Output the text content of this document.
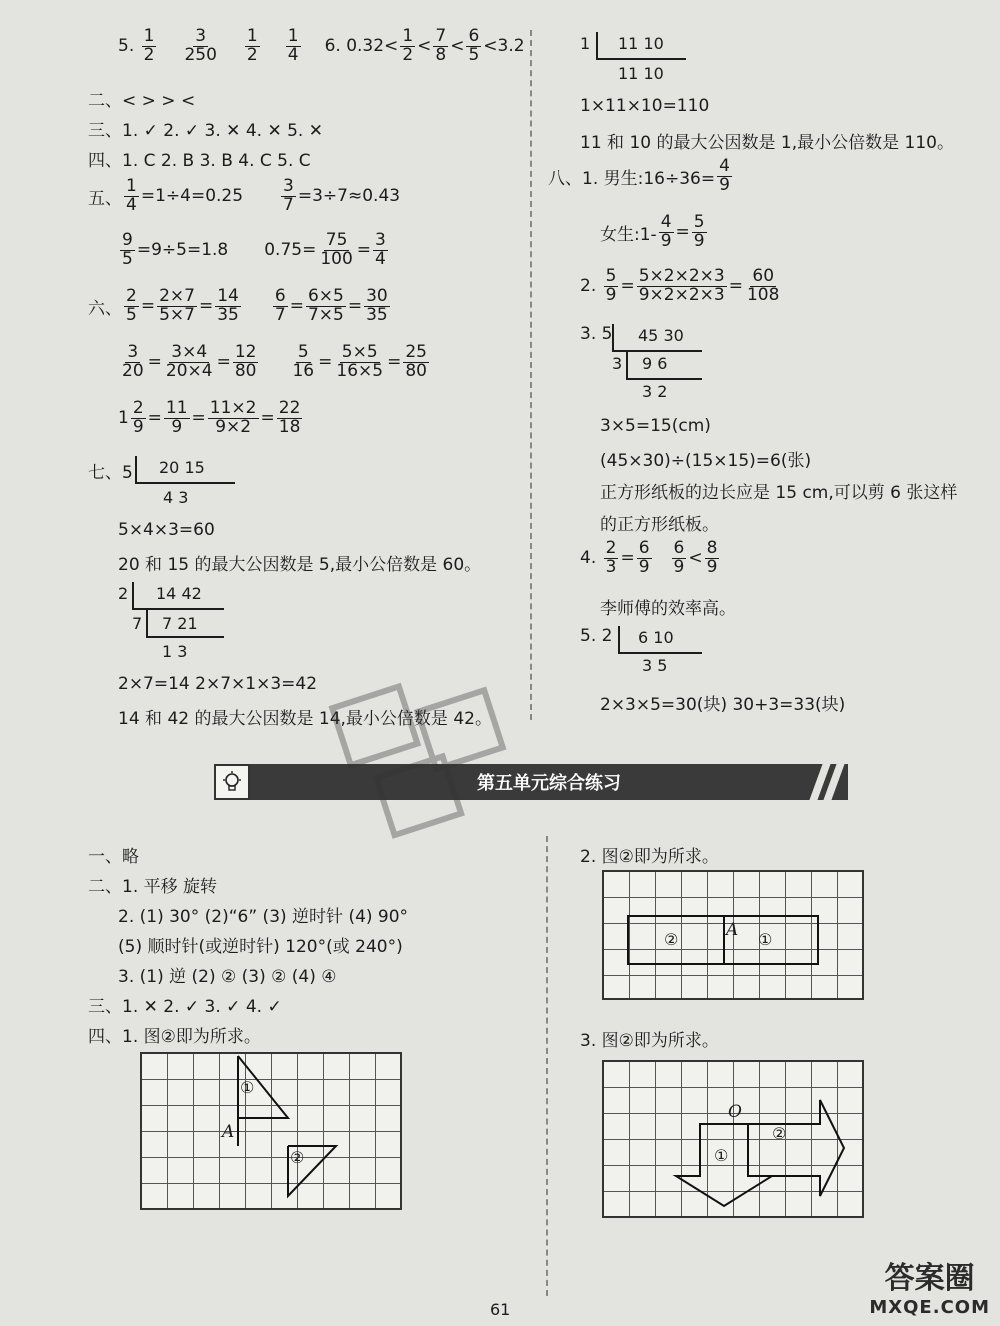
5.
$\frac{1}{2} \frac{3}{250} \frac{1}{2} \frac{1}{4} 6$. $0.32< \frac{1}{2} < \frac{7}{8} < \frac{6}{5} <3.2$
二、< > > <
三、1. ✓ 2. ✓ 3. ✕ 4. ✕ 5. ✕
四、1. C 2. B 3. B 4. C 5. C
五、 $\frac{1}{4} =1\div 4=0.25 \frac{3}{7} =3\div 7\approx 0.43$
$\frac{9}{5} =9\div 5=1.8$ $0.75= \frac{75}{100} = \frac{3}{4}$
六、 $\frac{2}{5} = \frac{2\times 7}{5\times 7} = \frac{14}{35} \frac{6}{7} = \frac{6\times 5}{7\times 5} = \frac{30}{35}$
$\frac{3}{20} = \frac{3\times 4}{20\times 4} = \frac{12}{80} \frac{5}{16} = \frac{5\times 5}{16\times 5} = \frac{25}{80}$
$1 \frac{2}{9} = \frac{11}{9} = \frac{11\times 2}{9\times 2} = \frac{22}{18}$
七、5 20 15
4 3
5×4×3=60
20 和 15 的最大公因数是 5,最小公倍数是 60。
2
7
14 42
7 21
1 3
2×7=14 2×7×1×3=42
14 和 42 的最大公因数是 14,最小公倍数是 42。
1 11 10
11 10
1×11×10=110
11 和 10 的最大公因数是 1,最小公倍数是 110。
八、1. 男生:16÷36= $\frac{4}{9}$
女生:1- $\frac{4}{9} = \frac{5}{9}$
2.
$\frac{5}{9} = \frac{5\times 2\times 2\times 3}{9\times 2\times 2\times 3} = \frac{60}{108}$
3. 5
3
45 30
9 6
3 2
3×5=15(cm)
(45×30)÷(15×15)=6(张)
正方形纸板的边长应是 15 cm,可以剪 6 张这样
的正方形纸板。
4.
$\frac{2}{3} = \frac{6}{9} \frac{6}{9} < \frac{8}{9}$
李师傅的效率高。
5. 2 6 10
3 5
2×3×5=30(块) 30+3=33(块)
第五单元综合练习
一、略
二、1. 平移 旋转
2. (1) 30° (2)“6” (3) 逆时针 (4) 90°
(5) 顺时针(或逆时针) 120°(或 240°)
3. (1) 逆 (2) ② (3) ② (4) ④
三、1. ✕ 2. ✓ 3. ✓ 4. ✓
四、1. 图②即为所求。
①
②
A
2. 图②即为所求。
②	①
A
3. 图②即为所求。
①
②
O
61
答案圈
MXQE.COM
